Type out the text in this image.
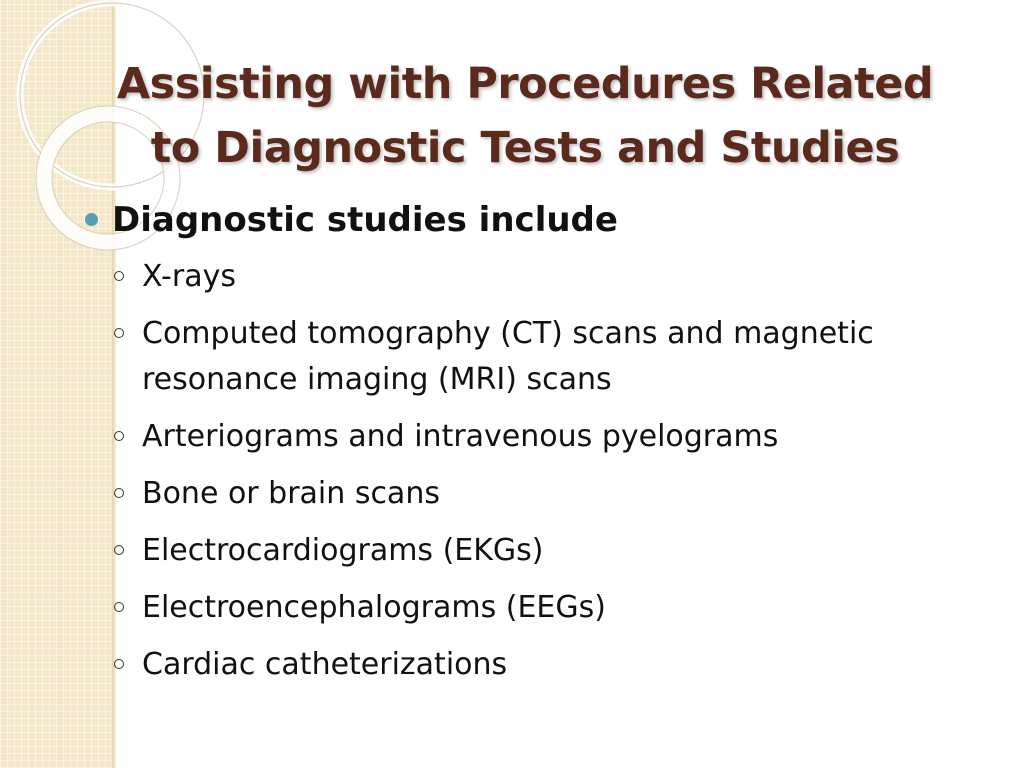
Assisting with Procedures Related
to Diagnostic Tests and Studies
Diagnostic studies include
X-rays
Computed tomography (CT) scans and magnetic resonance imaging (MRI) scans
Arteriograms and intravenous pyelograms
Bone or brain scans
Electrocardiograms (EKGs)
Electroencephalograms (EEGs)
Cardiac catheterizations
